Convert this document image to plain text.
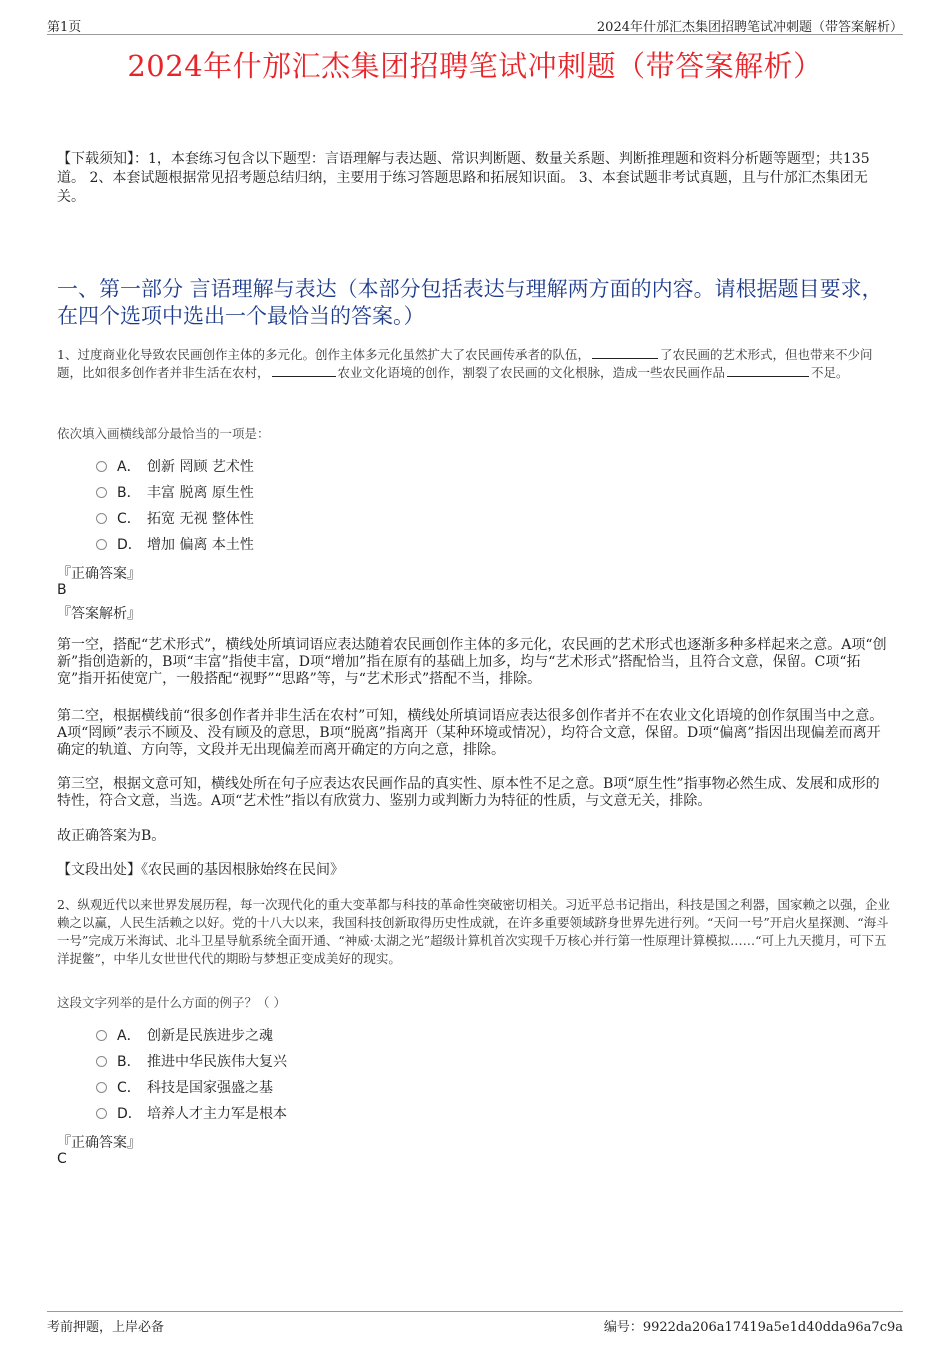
第1页	2024年什邡汇杰集团招聘笔试冲刺题（带答案解析）
2024年什邡汇杰集团招聘笔试冲刺题（带答案解析）
【下载须知】：1，本套练习包含以下题型：言语理解与表达题、常识判断题、数量关系题、判断推理题和资料分析题等题型；共135道。 2、本套试题根据常见招考题总结归纳，主要用于练习答题思路和拓展知识面。 3、本套试题非考试真题，且与什邡汇杰集团无关。
一、第一部分 言语理解与表达（本部分包括表达与理解两方面的内容。请根据题目要求，在四个选项中选出一个最恰当的答案。）
1、过度商业化导致农民画创作主体的多元化。创作主体多元化虽然扩大了农民画传承者的队伍，	了农民画的艺术形式，但也带来不少问题，比如很多创作者并非生活在农村，	农业文化语境的创作，割裂了农民画的文化根脉，造成一些农民画作品	不足。
依次填入画横线部分最恰当的一项是：
A． 创新 罔顾 艺术性
B． 丰富 脱离 原生性
C． 拓宽 无视 整体性
D． 增加 偏离 本土性
『正确答案』
B
『答案解析』
第一空，搭配“艺术形式”，横线处所填词语应表达随着农民画创作主体的多元化，农民画的艺术形式也逐渐多种多样起来之意。A项“创新”指创造新的，B项“丰富”指使丰富，D项“增加”指在原有的基础上加多，均与“艺术形式”搭配恰当，且符合文意，保留。C项“拓宽”指开拓使宽广，一般搭配“视野”“思路”等，与“艺术形式”搭配不当，排除。
第二空，根据横线前“很多创作者并非生活在农村”可知，横线处所填词语应表达很多创作者并不在农业文化语境的创作氛围当中之意。A项“罔顾”表示不顾及、没有顾及的意思，B项“脱离”指离开（某种环境或情况），均符合文意，保留。D项“偏离”指因出现偏差而离开确定的轨道、方向等，文段并无出现偏差而离开确定的方向之意，排除。
第三空，根据文意可知，横线处所在句子应表达农民画作品的真实性、原本性不足之意。B项“原生性”指事物必然生成、发展和成形的特性，符合文意，当选。A项“艺术性”指以有欣赏力、鉴别力或判断力为特征的性质，与文意无关，排除。
故正确答案为B。
【文段出处】《农民画的基因根脉始终在民间》
2、纵观近代以来世界发展历程，每一次现代化的重大变革都与科技的革命性突破密切相关。习近平总书记指出，科技是国之利器，国家赖之以强，企业赖之以赢，人民生活赖之以好。党的十八大以来，我国科技创新取得历史性成就，在许多重要领域跻身世界先进行列。“天问一号”开启火星探测、“海斗一号”完成万米海试、北斗卫星导航系统全面开通、“神威·太湖之光”超级计算机首次实现千万核心并行第一性原理计算模拟……“可上九天揽月，可下五洋捉鳖”，中华儿女世世代代的期盼与梦想正变成美好的现实。
这段文字列举的是什么方面的例子？（ ）
A． 创新是民族进步之魂
B． 推进中华民族伟大复兴
C． 科技是国家强盛之基
D． 培养人才主力军是根本
『正确答案』
C
考前押题，上岸必备	编号：9922da206a17419a5e1d40dda96a7c9a
